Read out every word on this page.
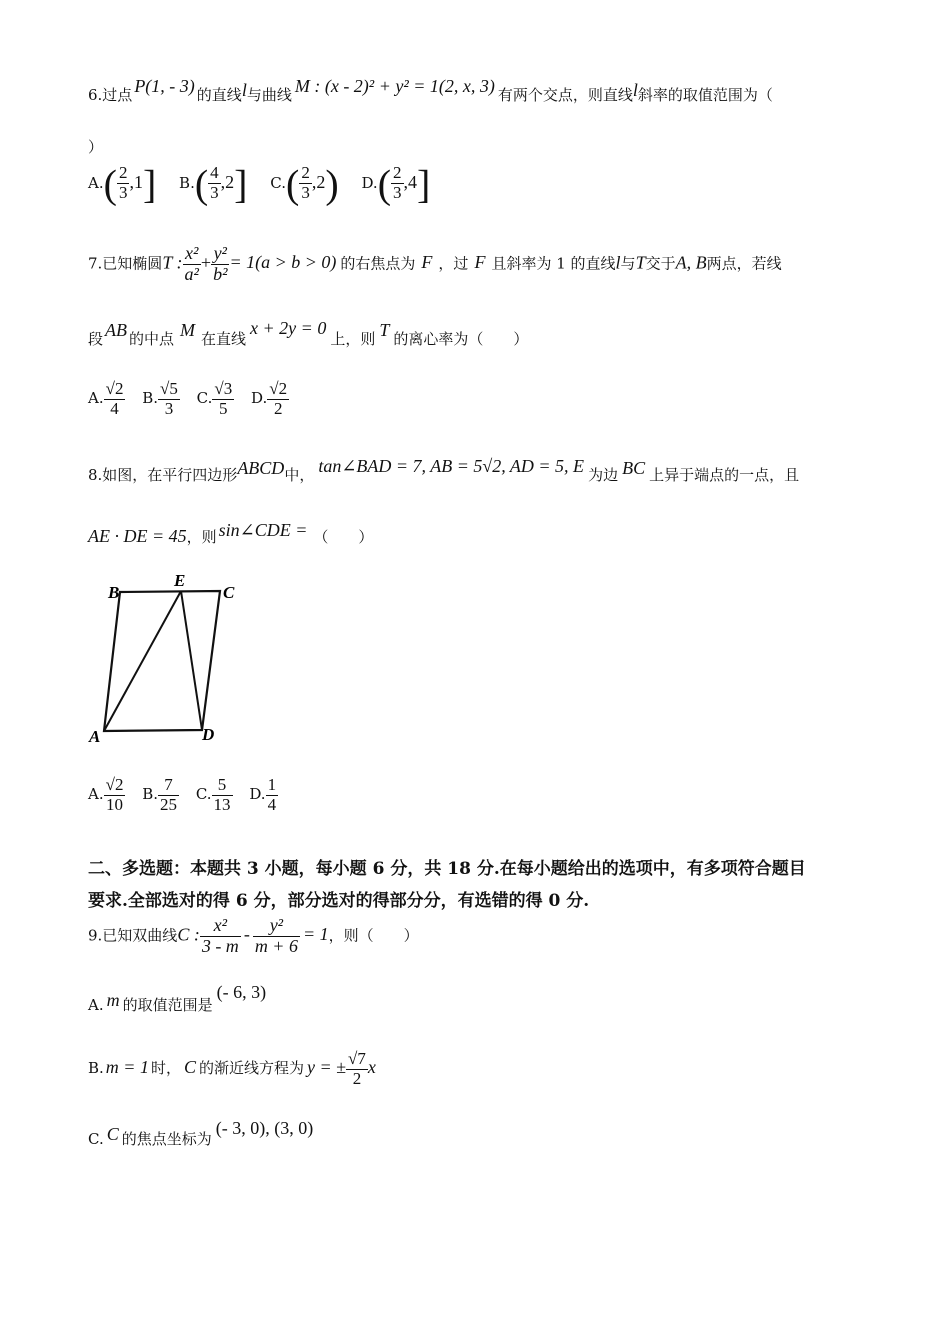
6.过点 P(1, - 3) 的直线l与曲线 M : (x - 2)² + y² = 1(2, x, 3) 有两个交点，则直线l斜率的取值范围为（
）
$A.( \frac{2}{3} ,1]$ $B.( \frac{4}{3} ,2]$ $C.( \frac{2}{3} ,2)$ $D.( \frac{2}{3} ,4]$
7.已知椭圆T : $\frac{\text{x²}}{\text{a²}} + \frac{\text{y²}}{\text{b²}} = 1(a > b > 0)$ 的右焦点为 F ，过 F 且斜率为 1 的直线l与T交于A, B两点，若线
段 AB 的中点 M 在直线x + 2y = 0上，则 T 的离心率为（　　）
A. $\frac{√2}{4} B$. $\frac{√5}{3} C$. $\frac{√3}{5} D$. $\frac{√2}{2}$
8.如图，在平行四边形ABCD中， tan∠BAD = 7, AB = 5√2, AD = 5, E 为边 BC 上异于端点的一点，且
AE · DE = 45，则 sin∠CDE = （　　）
B
E
C
A	D
A. $\frac{√2}{10} B$. $\frac{7}{25} C$. $\frac{5}{13} D$. $\frac{1}{4}$
二、多选题：本题共 3 小题，每小题 6 分，共 18 分.在每小题给出的选项中，有多项符合题目
要求.全部选对的得 6 分，部分选对的得部分分，有选错的得 0 分.
9.已知双曲线C : $\frac{\text{x²}}{3 - m} - \frac{\text{y²}}{m + 6} = 1$，则（　　）
A. m 的取值范围是(- 6, 3)
B. m = 1 时， C 的渐近线方程为 y = ± $\frac{√7}{2}$ x
C. C 的焦点坐标为(- 3, 0), (3, 0)
